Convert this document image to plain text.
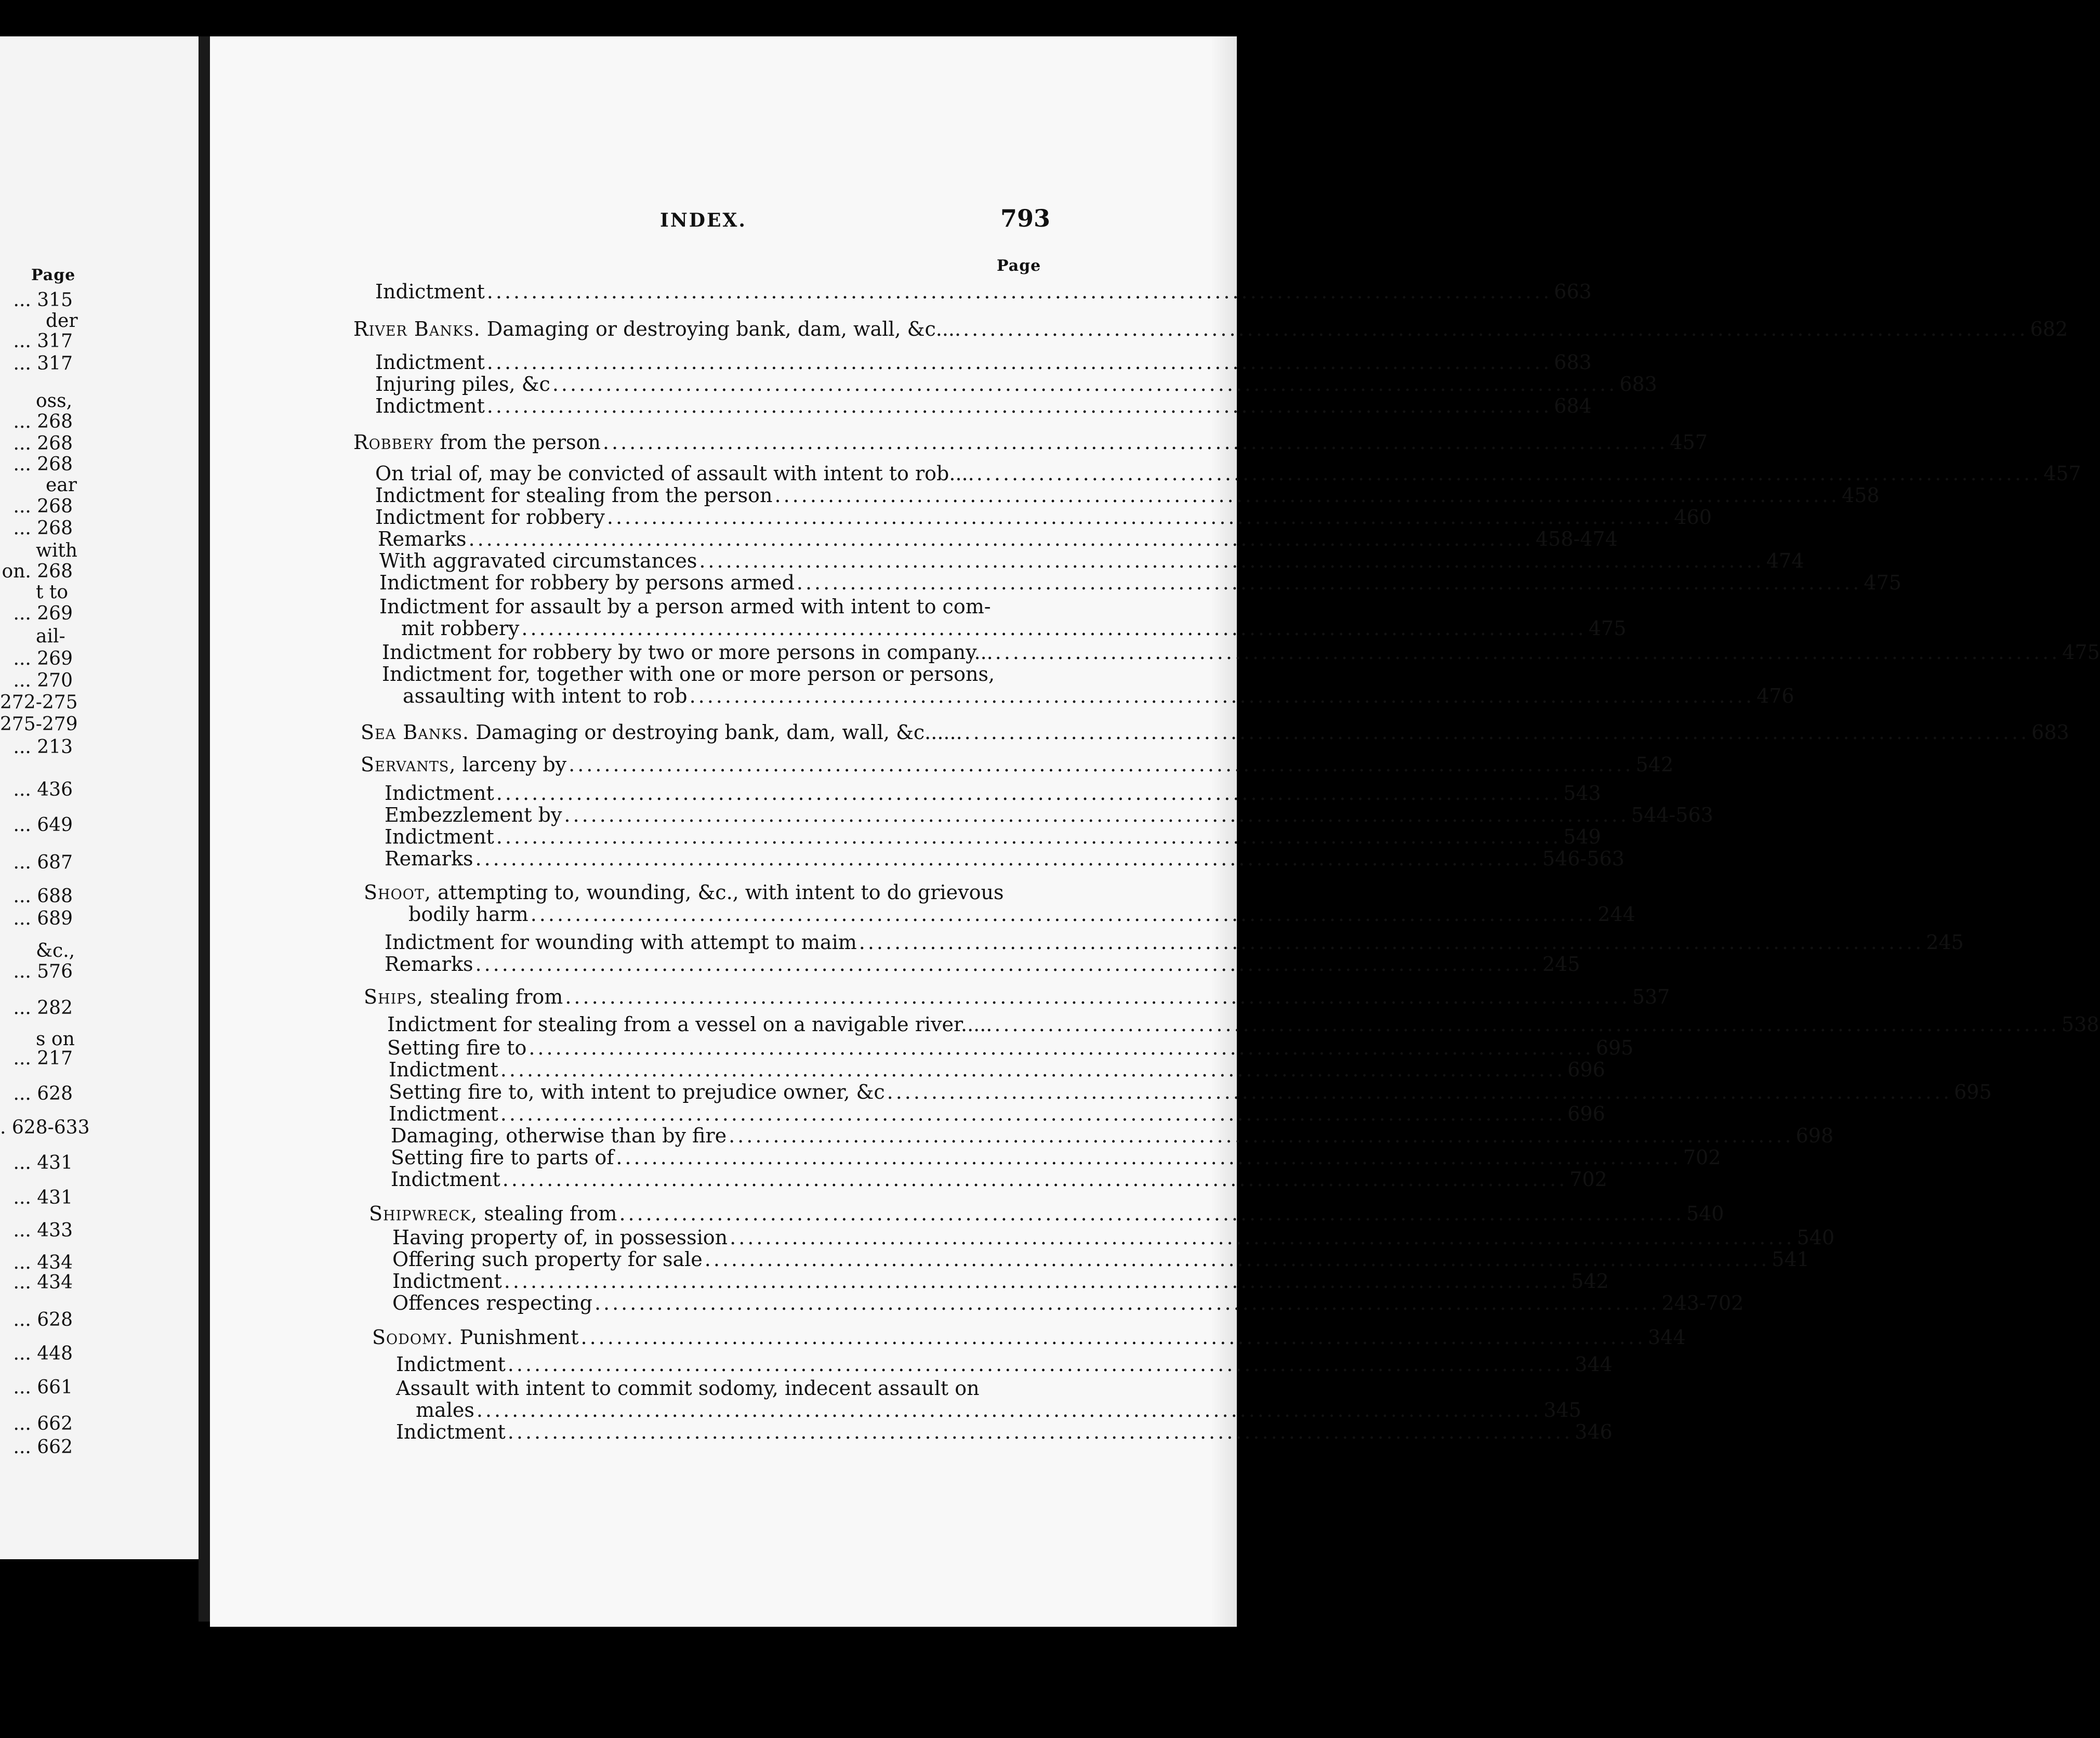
Page
... 315
... 317
... 317
... 268
... 268
... 268
... 268
... 268
on. 268
... 269
... 269
... 270
272-275
275-279
... 213
... 436
... 649
... 687
... 688
... 689
... 576
... 282
... 217
... 628
. 628-633
... 431
... 431
... 433
... 434
... 434
... 628
... 448
... 661
... 662
... 662
der
oss,
ear
with
t to
ail-
&c.,
s on
INDEX.	793
Page
Indictment ........................................................................................................................ 663
River Banks. Damaging or destroying bank, dam, wall, &c.... ........................................................................................................................ 682
Indictment ........................................................................................................................ 683
Injuring piles, &c ........................................................................................................................ 683
Indictment ........................................................................................................................ 684
Robbery from the person ........................................................................................................................ 457
On trial of, may be convicted of assault with intent to rob.... ........................................................................................................................ 457
Indictment for stealing from the person ........................................................................................................................ 458
Indictment for robbery ........................................................................................................................ 460
Remarks ........................................................................................................................ 458-474
With aggravated circumstances ........................................................................................................................ 474
Indictment for robbery by persons armed ........................................................................................................................ 475
Indictment for assault by a person armed with intent to com-
mit robbery ........................................................................................................................ 475
Indictment for robbery by two or more persons in company... ........................................................................................................................ 475
Indictment for, together with one or more person or persons,
assaulting with intent to rob ........................................................................................................................ 476
Sea Banks. Damaging or destroying bank, dam, wall, &c...... ........................................................................................................................ 683
Servants, larceny by ........................................................................................................................ 542
Indictment ........................................................................................................................ 543
Embezzlement by ........................................................................................................................ 544-563
Indictment ........................................................................................................................ 549
Remarks ........................................................................................................................ 546-563
Shoot, attempting to, wounding, &c., with intent to do grievous
bodily harm ........................................................................................................................ 244
Indictment for wounding with attempt to maim ........................................................................................................................ 245
Remarks ........................................................................................................................ 245
Ships, stealing from ........................................................................................................................ 537
Indictment for stealing from a vessel on a navigable river..... ........................................................................................................................ 538
Setting fire to ........................................................................................................................ 695
Indictment ........................................................................................................................ 696
Setting fire to, with intent to prejudice owner, &c ........................................................................................................................ 695
Indictment ........................................................................................................................ 696
Damaging, otherwise than by fire ........................................................................................................................ 698
Setting fire to parts of ........................................................................................................................ 702
Indictment ........................................................................................................................ 702
Shipwreck, stealing from ........................................................................................................................ 540
Having property of, in possession ........................................................................................................................ 540
Offering such property for sale ........................................................................................................................ 541
Indictment ........................................................................................................................ 542
Offences respecting ........................................................................................................................ 243-702
Sodomy. Punishment ........................................................................................................................ 344
Indictment ........................................................................................................................ 344
Assault with intent to commit sodomy, indecent assault on
males ........................................................................................................................ 345
Indictment ........................................................................................................................ 346
